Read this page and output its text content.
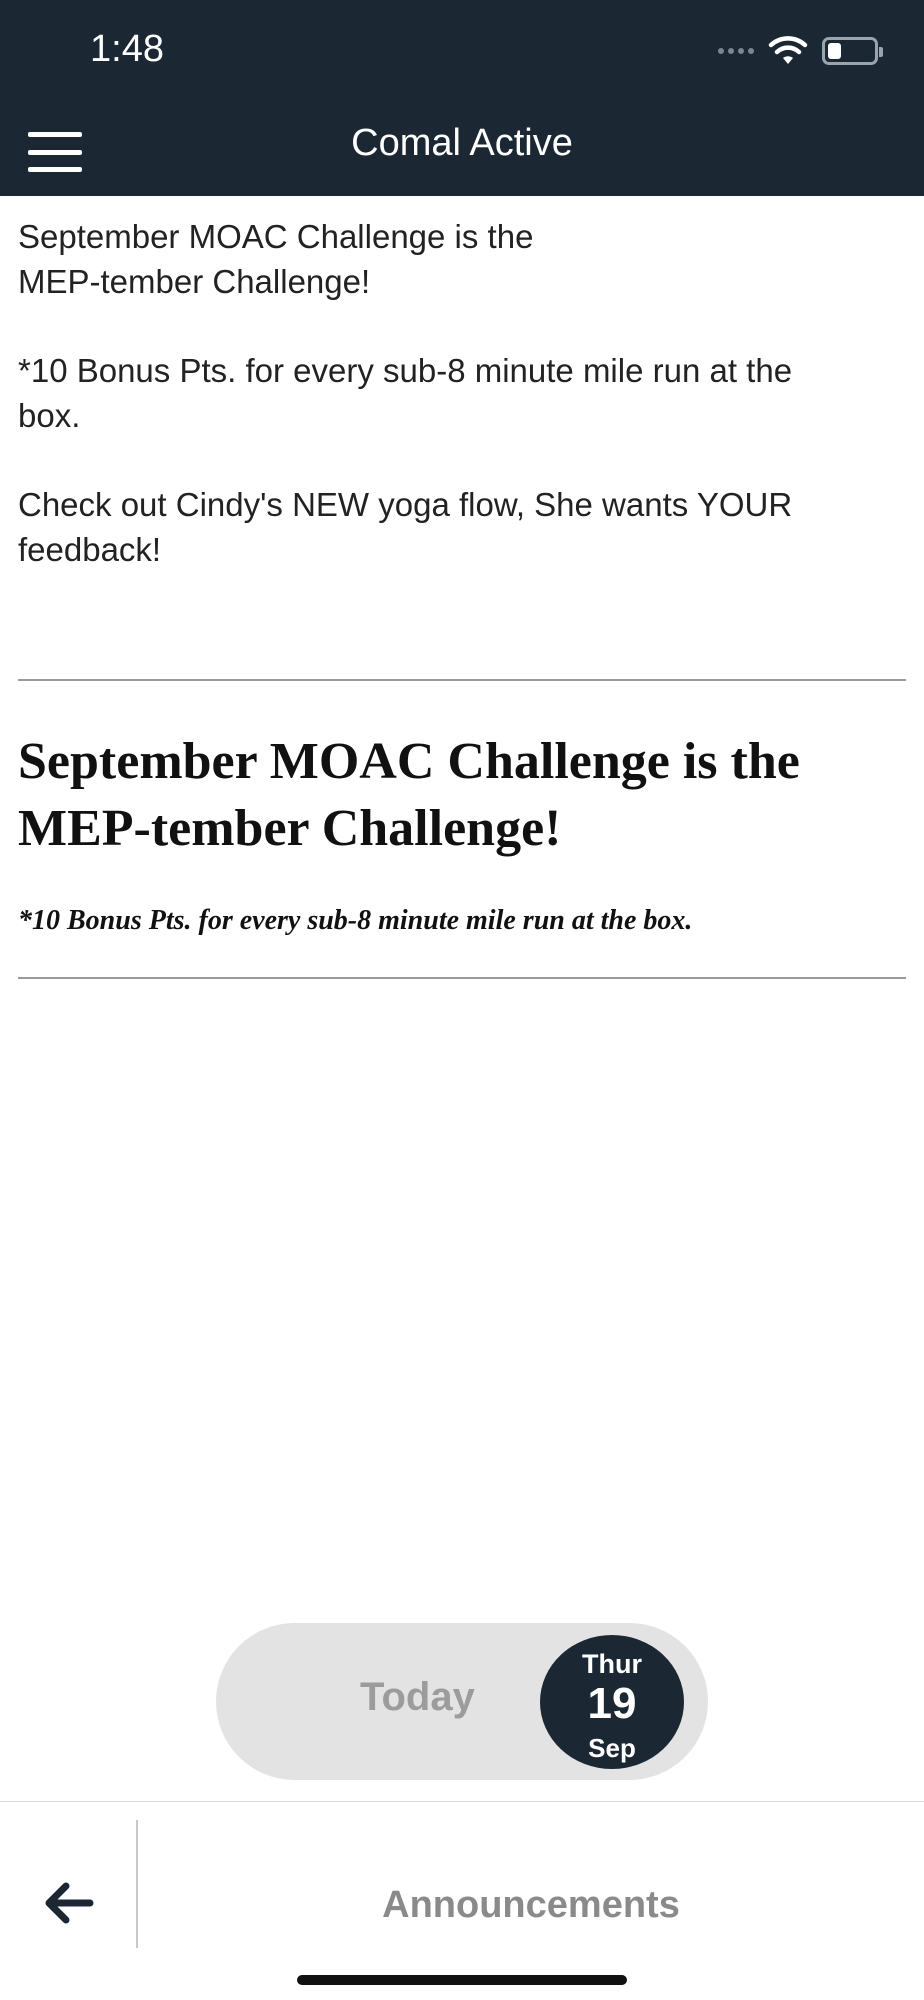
1:48
Comal Active

September MOAC Challenge is the

MEP-tember Challenge!

*10 Bonus Pts. for every sub-8 minute mile run at the

box.

Check out Cindy's NEW yoga flow, She wants YOUR

feedback!

September MOAC Challenge is the MEP-tember Challenge!
*10 Bonus Pts. for every sub-8 minute mile run at the box.
Today
Thur
19
Sep
Announcements
